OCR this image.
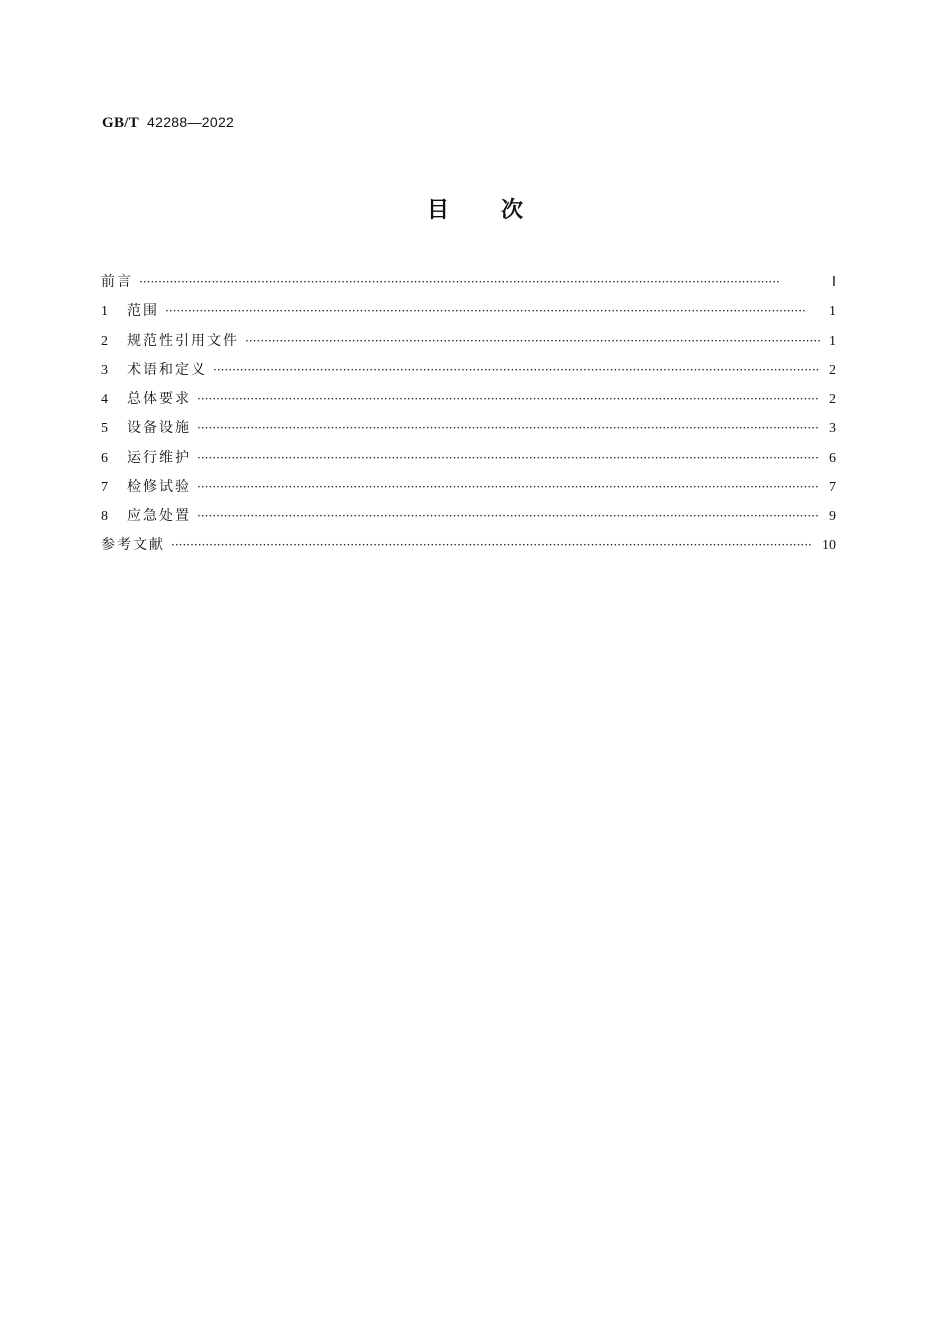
GB/T 42288—2022
目 次
前言 ·····	Ⅰ
1	范围 ·····	1
2	规范性引用文件 ·····	1
3	术语和定义 ·····	2
4	总体要求 ·····	2
5	设备设施 ·····	3
6	运行维护 ·····	6
7	检修试验 ·····	7
8	应急处置 ·····	9
参考文献 ·····	10
